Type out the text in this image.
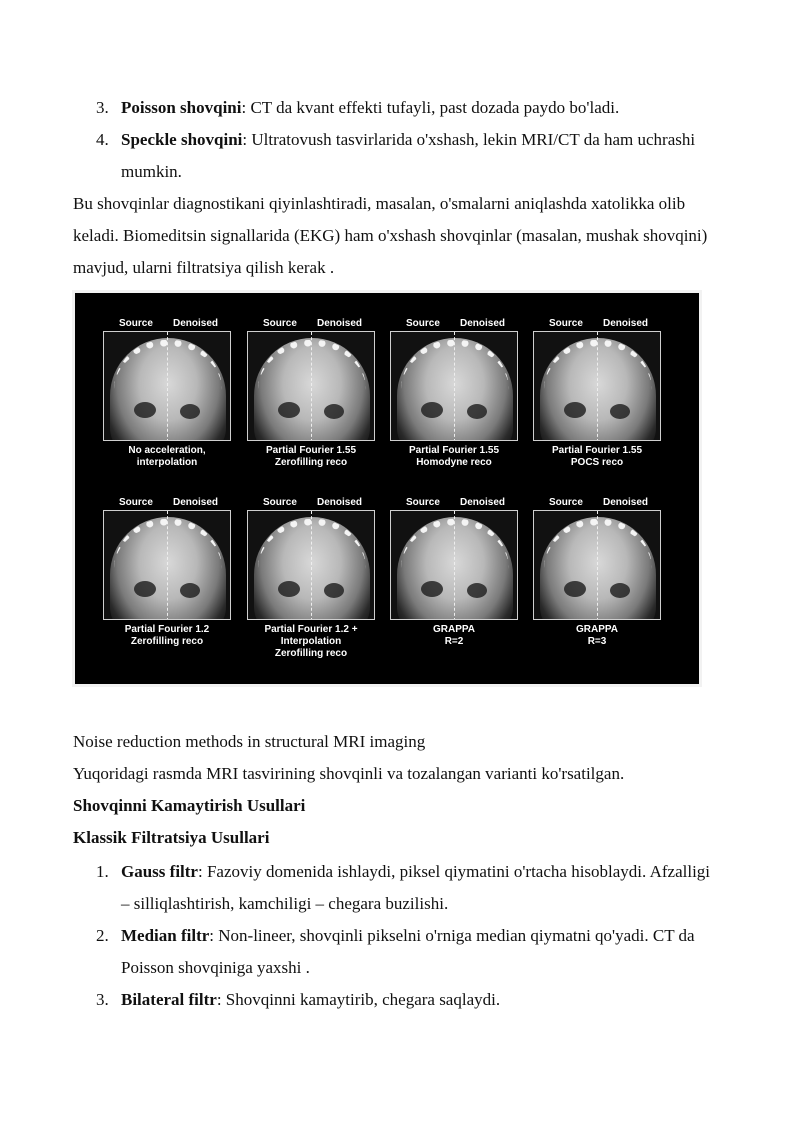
3. Poisson shovqini: CT da kvant effekti tufayli, past dozada paydo bo'ladi.
4. Speckle shovqini: Ultratovush tasvirlarida o'xshash, lekin MRI/CT da ham uchrashi mumkin.
Bu shovqinlar diagnostikani qiyinlashtiradi, masalan, o'smalarni aniqlashda xatolikka olib keladi. Biomeditsin signallarida (EKG) ham o'xshash shovqinlar (masalan, mushak shovqini) mavjud, ularni filtratsiya qilish kerak .
Source Denoised
No acceleration,
interpolation
Source Denoised
Partial Fourier 1.55
Zerofilling reco
Source Denoised
Partial Fourier 1.55
Homodyne reco
Source Denoised
Partial Fourier 1.55
POCS reco
Source Denoised
Partial Fourier 1.2
Zerofilling reco
Source Denoised
Partial Fourier 1.2 +
Interpolation
Zerofilling reco
Source Denoised
GRAPPA
R=2
Source Denoised
GRAPPA
R=3
Noise reduction methods in structural MRI imaging
Yuqoridagi rasmda MRI tasvirining shovqinli va tozalangan varianti ko'rsatilgan.
Shovqinni Kamaytirish Usullari
Klassik Filtratsiya Usullari
1. Gauss filtr: Fazoviy domenida ishlaydi, piksel qiymatini o'rtacha hisoblaydi. Afzalligi – silliqlashtirish, kamchiligi – chegara buzilishi.
2. Median filtr: Non-lineer, shovqinli pikselni o'rniga median qiymatni qo'yadi. CT da Poisson shovqiniga yaxshi .
3. Bilateral filtr: Shovqinni kamaytirib, chegara saqlaydi.
